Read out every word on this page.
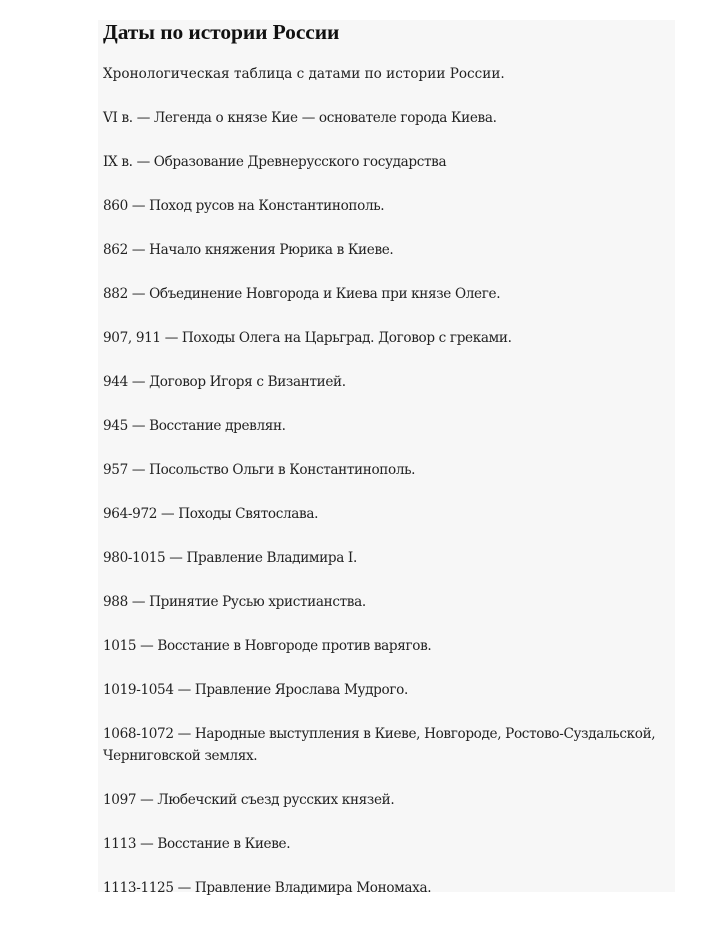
Даты по истории России

Хронологическая таблица с датами по истории России.

VI в. — Легенда о князе Кие — основателе города Киева.
IX в. — Образование Древнерусского государства
860 — Поход русов на Константинополь.
862 — Начало княжения Рюрика в Киеве.
882 — Объединение Новгорода и Киева при князе Олеге.
907, 911 — Походы Олега на Царьград. Договор с греками.
944 — Договор Игоря с Византией.
945 — Восстание древлян.
957 — Посольство Ольги в Константинополь.
964-972 — Походы Святослава.
980-1015 — Правление Владимира I.
988 — Принятие Русью христианства.
1015 — Восстание в Новгороде против варягов.
1019-1054 — Правление Ярослава Мудрого.
1068-1072 — Народные выступления в Киеве, Новгороде, Ростово-Суздальской, Черниговской землях.
1097 — Любечский съезд русских князей.
1113 — Восстание в Киеве.
1113-1125 — Правление Владимира Мономаха.
